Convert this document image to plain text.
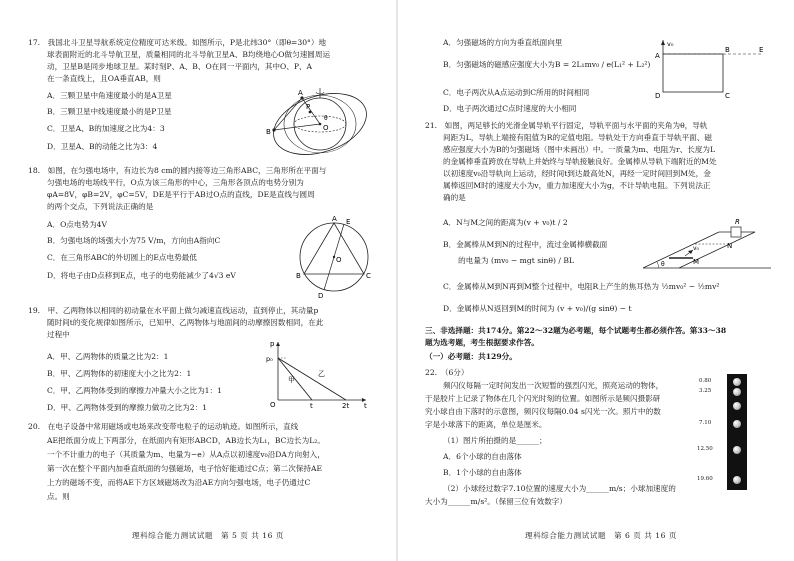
17.　我国北斗卫星导航系统定位精度可达米级。如图所示，P是北纬30°（即θ=30°）地
球表面附近的北斗导航卫星，质量相同的北斗导航卫星A、B均绕地心O做匀速圆周运
动，卫星B是同步地球卫星。某时刻P、A、B、O在同一平面内，其中O、P、A
在一条直线上，且OA垂直AB，则
A．三颗卫星中角速度最小的是A卫星
B．三颗卫星中线速度最小的是P卫星
C．卫星A、B的加速度之比为4：3
D．卫星A、B的动能之比为3：4
A
B
P
O
θ
18.　如图，在匀强电场中，有边长为8 cm的圆内接等边三角形ABC，三角形所在平面与
匀强电场的电场线平行，O点为该三角形的中心，三角形各顶点的电势分别为
φA=8V，φB=2V，φC=5V，DE是平行于AB过O点的直线，DE是直线与圆周
的两个交点，下列说法正确的是
A．O点电势为4V
B．匀强电场的场强大小为75 V/m，方向由A指向C
C．在三角形ABC的外切圆上的E点电势最低
D．将电子由D点移到E点，电子的电势能减少了4√3 eV
A
B	C
D
E
O
19.　甲、乙两物体以相同的初动量在水平面上做匀减速直线运动，直到停止，其动量p
随时间t的变化规律如图所示，已知甲、乙两物体与地面间的动摩擦因数相同，在此
过程中
A．甲、乙两物体的质量之比为2：1
B．甲、乙两物体的初速度大小之比为2：1
C．甲、乙两物体受到的摩擦力冲量大小之比为1：1
D．甲、乙两物体受到的摩擦力做功之比为2：1
p
p₀
O	t	2t t
甲
乙
20.　在电子设备中常用磁场或电场来改变带电粒子的运动轨迹。如图所示，直线
AE把纸面分成上下两部分，在纸面内有矩形ABCD，AB边长为L₁，BC边长为L₂。
一个不计重力的电子（其质量为m、电量为−e）从A点以初速度v₀沿DA方向射入，
第一次在整个平面内加垂直纸面的匀强磁场，电子恰好能通过C点；第二次保持AE
上方的磁场不变，而将AE下方区域磁场改为沿AE方向匀强电场，电子仍通过C
点。则
理科综合能力测试试题　第 5 页 共 16 页
A．匀强磁场的方向为垂直纸面向里
B．匀强磁场的磁感应强度大小为B = 2L₁mv₀ / e(L₁² + L₂²)
C．电子两次从A点运动到C所用的时间相同
D．电子两次通过C点时速度的大小相同
v₀
A
B
C
D
E
21.　如图，两足够长的光滑金属导轨平行固定，导轨平面与水平面的夹角为θ，导轨
间距为L，导轨上端接有阻值为R的定值电阻。导轨处于方向垂直于导轨平面、磁
感应强度大小为B的匀强磁场（图中未画出）中。一质量为m、电阻为r、长度为L
的金属棒垂直跨放在导轨上并始终与导轨接触良好。金属棒从导轨下端附近的M处
以初速度v₀沿导轨向上运动，经时间t到达最高处N，再经一定时间回到M处，金
属棒返回M时的速度大小为v，重力加速度大小为g，不计导轨电阻。下列说法正
确的是
A．N与M之间的距离为(v + v₀)t / 2
B．金属棒从M到N的过程中，流过金属棒横截面
　　的电量为 (mv₀ − mgt sinθ) / BL
C．金属棒从M到N再到M整个过程中，电阻R上产生的焦耳热为 ½mv₀² − ½mv²
D．金属棒从N返回到M的时间为 (v + v₀)/(g sinθ) − t
R
N
M
v₀
θ
三、非选择题：共174分。第22～32题为必考题，每个试题考生都必须作答。第33～38
题为选考题，考生根据要求作答。
（一）必考题：共129分。
22.　（6分）
频闪仪每隔一定时间发出一次短暂的强烈闪光，照亮运动的物体，
于是胶片上记录了物体在几个闪光时刻的位置。如图所示是频闪摄影研
究小球自由下落时的示意图，频闪仪每隔0.04 s闪光一次。照片中的数
字是小球落下的距离，单位是厘米。
（1）图片所拍摄的是______；
A．6个小球的自由落体
B．1个小球的自由落体
（2）小球经过数字7.10位置的速度大小为______m/s；小球加速度的
大小为______m/s²。（保留三位有效数字）
0.80
3.25
7.10
12.50
19.60
理科综合能力测试试题　第 6 页 共 16 页
